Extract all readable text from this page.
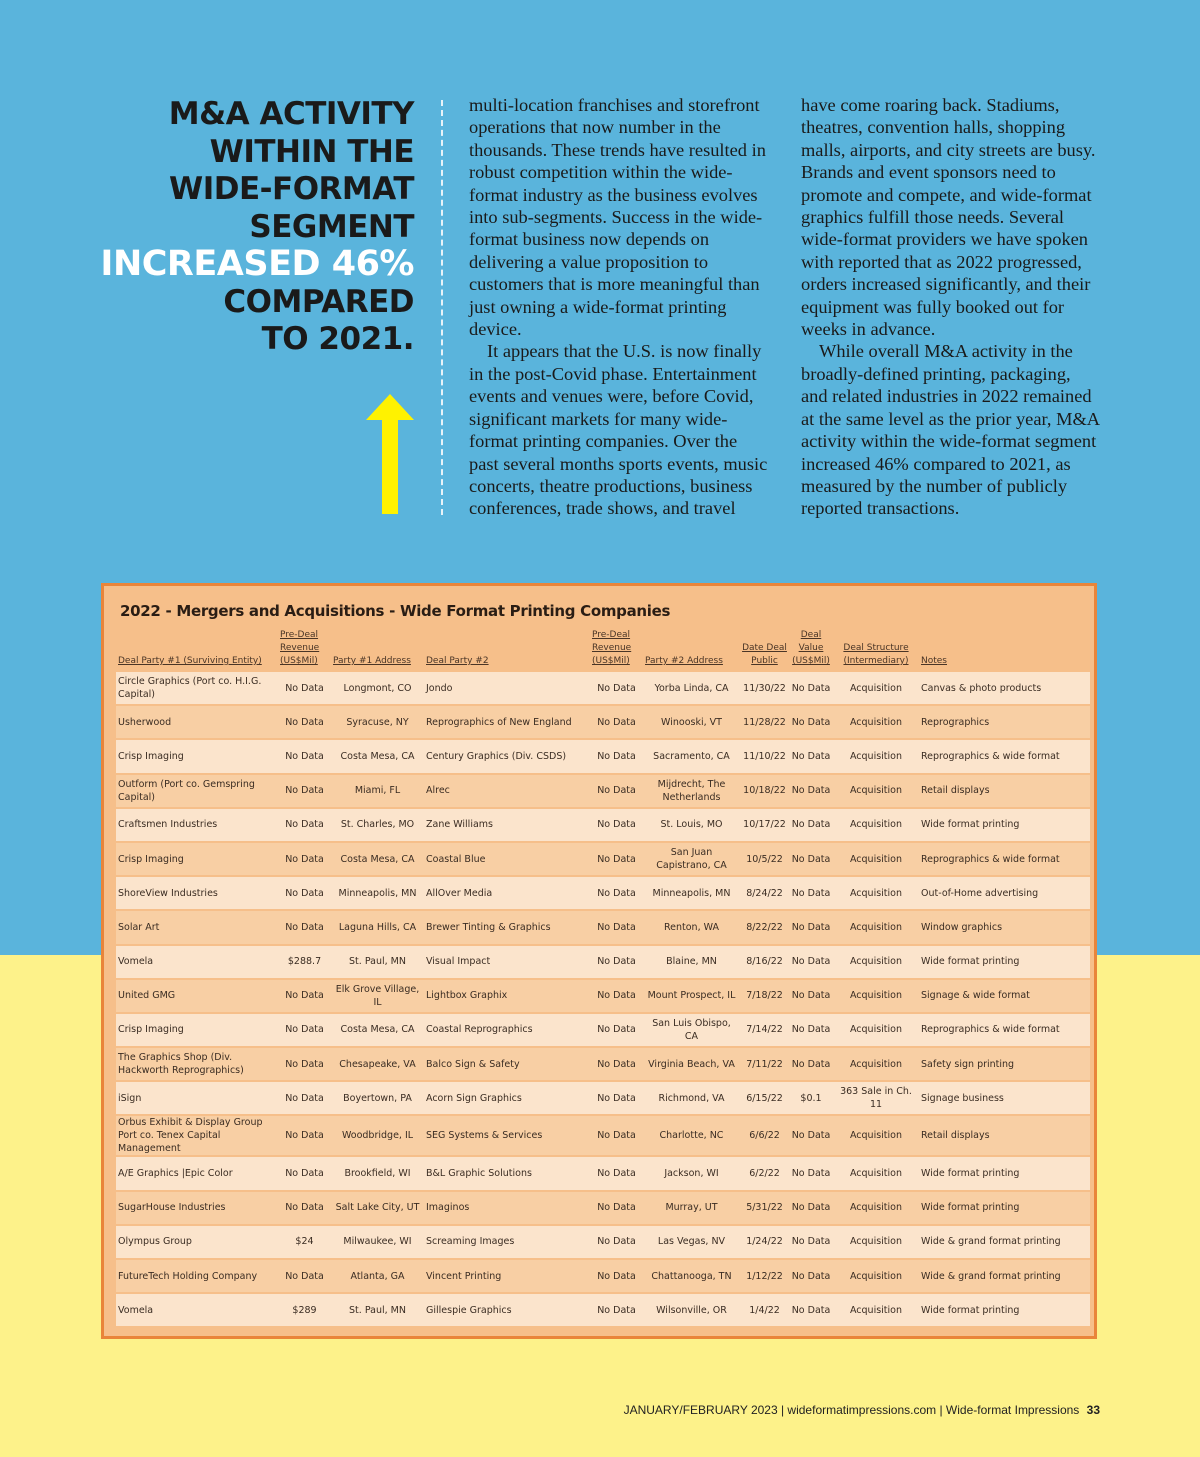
M&A ACTIVITY
WITHIN THE
WIDE-FORMAT
SEGMENT
INCREASED 46%
COMPARED
TO 2021.

multi-location franchises and storefront operations that now number in the thousands. These trends have resulted in robust competition within the wide-format industry as the business evolves into sub-segments. Success in the wide-format business now depends on delivering a value proposition to customers that is more meaningful than just owning a wide-format printing device.

It appears that the U.S. is now finally in the post-Covid phase. Entertainment events and venues were, before Covid, significant markets for many wide-format printing companies. Over the past several months sports events, music concerts, theatre productions, business conferences, trade shows, and travel

have come roaring back. Stadiums, theatres, convention halls, shopping malls, airports, and city streets are busy. Brands and event sponsors need to promote and compete, and wide-format graphics fulfill those needs. Several wide-format providers we have spoken with reported that as 2022 progressed, orders increased significantly, and their equipment was fully booked out for weeks in advance.

While overall M&A activity in the broadly-defined printing, packaging, and related industries in 2022 remained at the same level as the prior year, M&A activity within the wide-format segment increased 46% compared to 2021, as measured by the number of publicly reported transactions.

2022 - Mergers and Acquisitions - Wide Format Printing Companies
Deal Party #1 (Surviving Entity)	Pre-Deal Revenue (US$Mil)	Party #1 Address	Deal Party #2	Pre-Deal Revenue (US$Mil)	Party #2 Address	Date Deal Public	Deal Value (US$Mil)	Deal Structure (Intermediary)	Notes
Circle Graphics (Port co. H.I.G. Capital)	No Data	Longmont, CO	Jondo	No Data	Yorba Linda, CA	11/30/22	No Data	Acquisition	Canvas & photo products
Usherwood	No Data	Syracuse, NY	Reprographics of New England	No Data	Winooski, VT	11/28/22	No Data	Acquisition	Reprographics
Crisp Imaging	No Data	Costa Mesa, CA	Century Graphics (Div. CSDS)	No Data	Sacramento, CA	11/10/22	No Data	Acquisition	Reprographics & wide format
Outform (Port co. Gemspring Capital)	No Data	Miami, FL	Alrec	No Data	Mijdrecht, The Netherlands	10/18/22	No Data	Acquisition	Retail displays
Craftsmen Industries	No Data	St. Charles, MO	Zane Williams	No Data	St. Louis, MO	10/17/22	No Data	Acquisition	Wide format printing
Crisp Imaging	No Data	Costa Mesa, CA	Coastal Blue	No Data	San Juan Capistrano, CA	10/5/22	No Data	Acquisition	Reprographics & wide format
ShoreView Industries	No Data	Minneapolis, MN	AllOver Media	No Data	Minneapolis, MN	8/24/22	No Data	Acquisition	Out-of-Home advertising
Solar Art	No Data	Laguna Hills, CA	Brewer Tinting & Graphics	No Data	Renton, WA	8/22/22	No Data	Acquisition	Window graphics
Vomela	$288.7	St. Paul, MN	Visual Impact	No Data	Blaine, MN	8/16/22	No Data	Acquisition	Wide format printing
United GMG	No Data	Elk Grove Village, IL	Lightbox Graphix	No Data	Mount Prospect, IL	7/18/22	No Data	Acquisition	Signage & wide format
Crisp Imaging	No Data	Costa Mesa, CA	Coastal Reprographics	No Data	San Luis Obispo, CA	7/14/22	No Data	Acquisition	Reprographics & wide format
The Graphics Shop (Div. Hackworth Reprographics)	No Data	Chesapeake, VA	Balco Sign & Safety	No Data	Virginia Beach, VA	7/11/22	No Data	Acquisition	Safety sign printing
iSign	No Data	Boyertown, PA	Acorn Sign Graphics	No Data	Richmond, VA	6/15/22	$0.1	363 Sale in Ch. 11	Signage business
Orbus Exhibit & Display Group Port co. Tenex Capital Management	No Data	Woodbridge, IL	SEG Systems & Services	No Data	Charlotte, NC	6/6/22	No Data	Acquisition	Retail displays
A/E Graphics |Epic Color	No Data	Brookfield, WI	B&L Graphic Solutions	No Data	Jackson, WI	6/2/22	No Data	Acquisition	Wide format printing
SugarHouse Industries	No Data	Salt Lake City, UT	Imaginos	No Data	Murray, UT	5/31/22	No Data	Acquisition	Wide format printing
Olympus Group	$24	Milwaukee, WI	Screaming Images	No Data	Las Vegas, NV	1/24/22	No Data	Acquisition	Wide & grand format printing
FutureTech Holding Company	No Data	Atlanta, GA	Vincent Printing	No Data	Chattanooga, TN	1/12/22	No Data	Acquisition	Wide & grand format printing
Vomela	$289	St. Paul, MN	Gillespie Graphics	No Data	Wilsonville, OR	1/4/22	No Data	Acquisition	Wide format printing
JANUARY/FEBRUARY 2023 | wideformatimpressions.com | Wide-format Impressions 33
